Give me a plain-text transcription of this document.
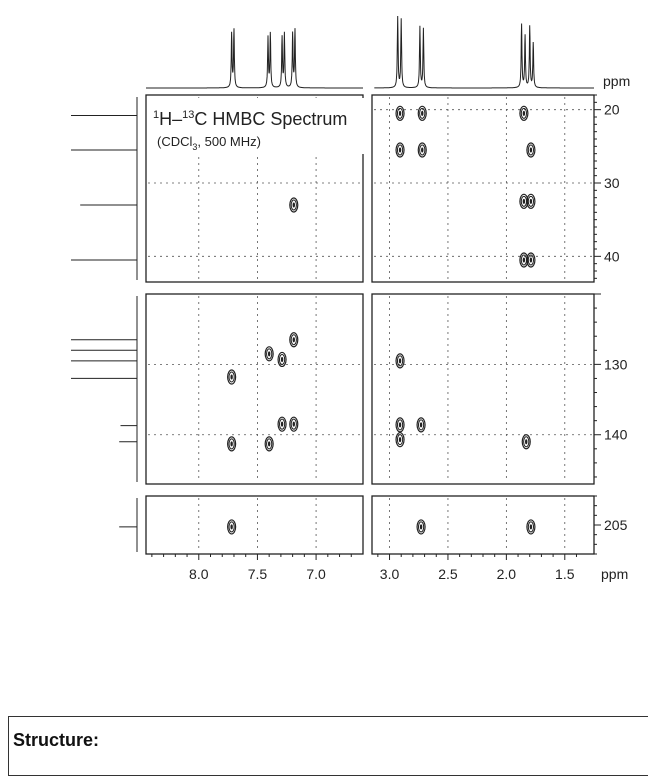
$^1$H–$^{13}$C HMBC Spectrum
(CDCl$_3$, 500 MHz)
ppm
ppm
8.0	7.5	7.0	3.0	2.5	2.0	1.5
20
30
40
130
140
205
Structure:
